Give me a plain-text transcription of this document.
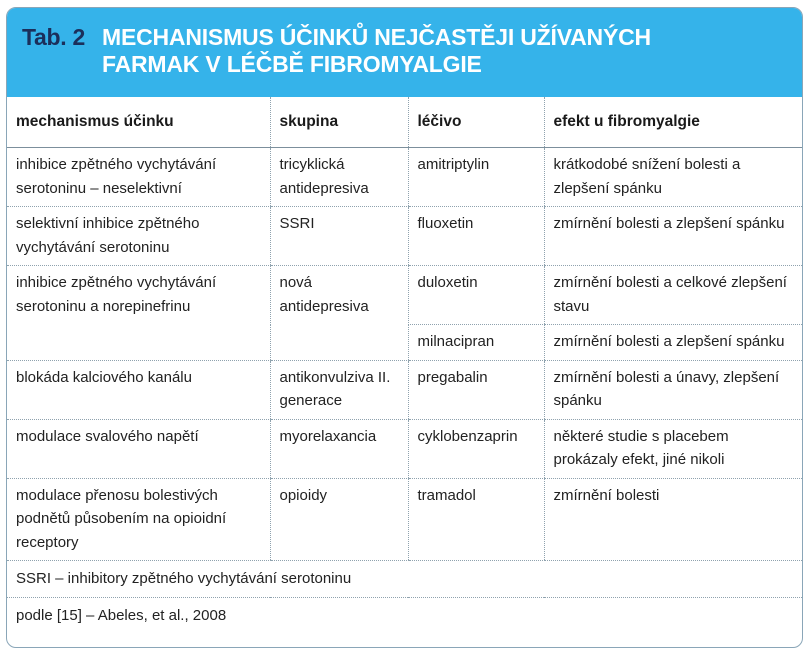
Tab. 2 MECHANISMUS ÚČINKŮ NEJČASTĚJI UŽÍVANÝCH FARMAK V LÉČBĚ FIBROMYALGIE
mechanismus účinku	skupina	léčivo	efekt u fibromyalgie
inhibice zpětného vychytávání serotoninu – neselektivní	tricyklická antidepresiva	amitriptylin	krátkodobé snížení bolesti a zlepšení spánku
selektivní inhibice zpětného vychytávání serotoninu	SSRI	fluoxetin	zmírnění bolesti a zlepšení spánku
inhibice zpětného vychytávání serotoninu a norepinefrinu	nová antidepresiva	duloxetin	zmírnění bolesti a celkové zlepšení stavu
		milnacipran	zmírnění bolesti a zlepšení spánku
blokáda kalciového kanálu	antikonvulziva II. generace	pregabalin	zmírnění bolesti a únavy, zlepšení spánku
modulace svalového napětí	myorelaxancia	cyklobenzaprin	některé studie s placebem prokázaly efekt, jiné nikoli
modulace přenosu bolestivých podnětů působením na opioidní receptory	opioidy	tramadol	zmírnění bolesti
SSRI – inhibitory zpětného vychytávání serotoninu			
podle [15] – Abeles, et al., 2008			
